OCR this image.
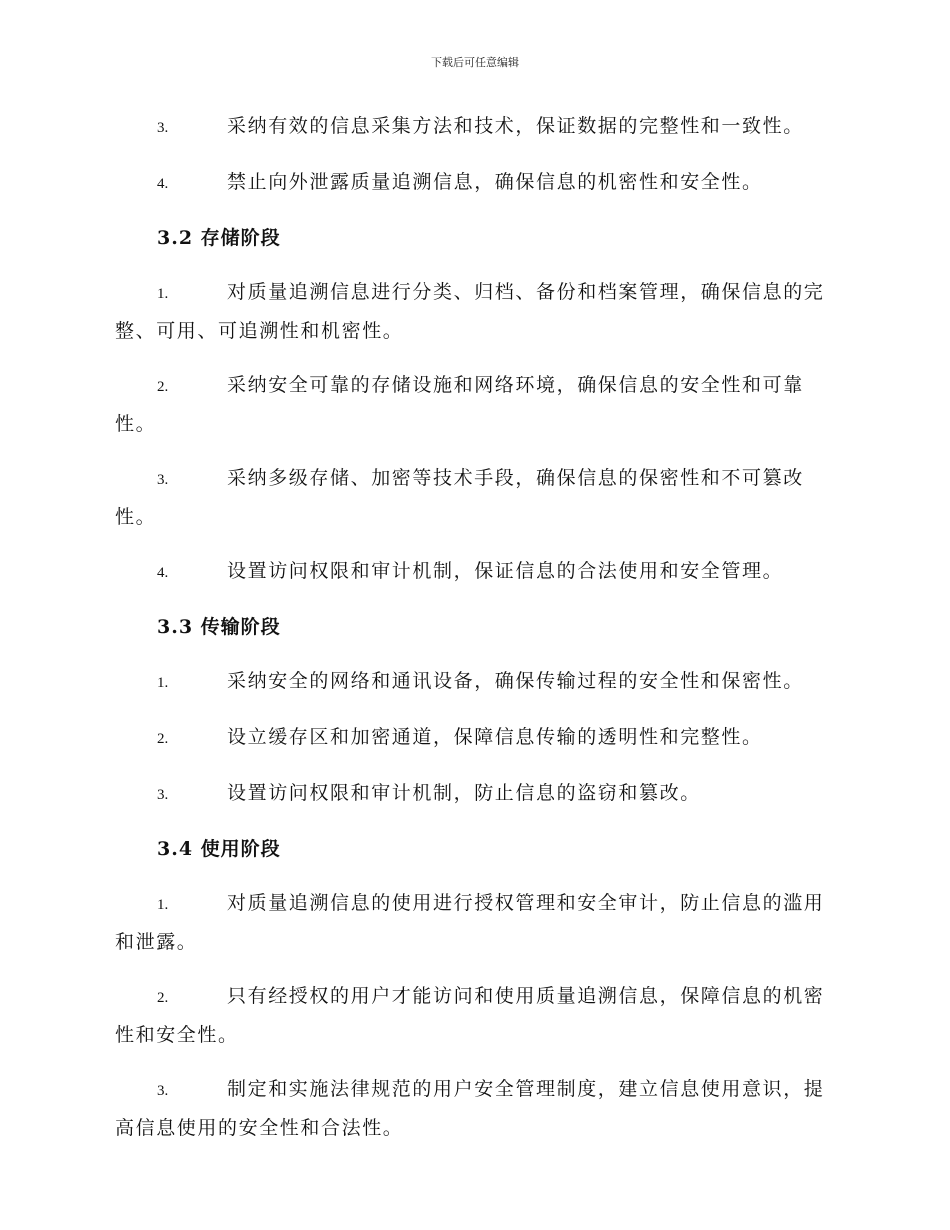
下载后可任意编辑

3.	采纳有效的信息采集方法和技术，保证数据的完整性和一致性。

4.	禁止向外泄露质量追溯信息，确保信息的机密性和安全性。

3.2 存储阶段

1.	对质量追溯信息进行分类、归档、备份和档案管理，确保信息的完整、可用、可追溯性和机密性。

2.	采纳安全可靠的存储设施和网络环境，确保信息的安全性和可靠性。

3.	采纳多级存储、加密等技术手段，确保信息的保密性和不可篡改性。

4.	设置访问权限和审计机制，保证信息的合法使用和安全管理。

3.3 传输阶段

1.	采纳安全的网络和通讯设备，确保传输过程的安全性和保密性。

2.	设立缓存区和加密通道，保障信息传输的透明性和完整性。

3.	设置访问权限和审计机制，防止信息的盗窃和篡改。

3.4 使用阶段

1.	对质量追溯信息的使用进行授权管理和安全审计，防止信息的滥用和泄露。

2.	只有经授权的用户才能访问和使用质量追溯信息，保障信息的机密性和安全性。

3.	制定和实施法律规范的用户安全管理制度，建立信息使用意识，提高信息使用的安全性和合法性。
